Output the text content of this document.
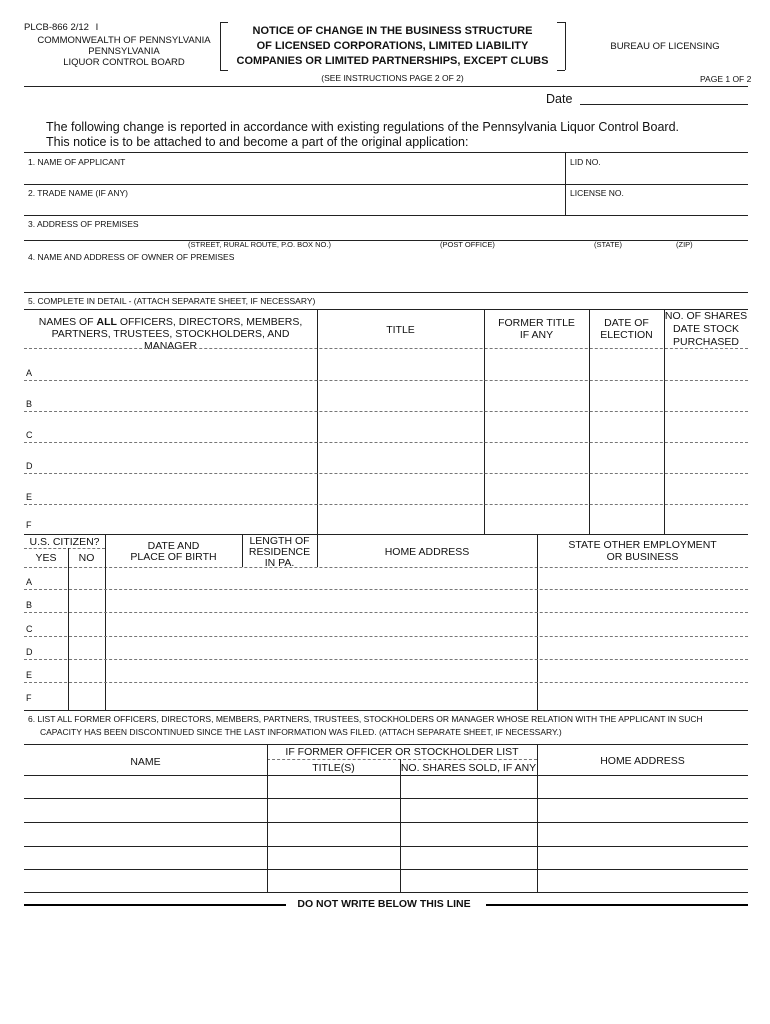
PLCB-866 2/12 I
COMMONWEALTH OF PENNSYLVANIA
PENNSYLVANIA
LIQUOR CONTROL BOARD
NOTICE OF CHANGE IN THE BUSINESS STRUCTURE
OF LICENSED CORPORATIONS, LIMITED LIABILITY
COMPANIES OR LIMITED PARTNERSHIPS, EXCEPT CLUBS
BUREAU OF LICENSING
(SEE INSTRUCTIONS PAGE 2 OF 2)	PAGE 1 OF 2
Date
The following change is reported in accordance with existing regulations of the Pennsylvania Liquor Control Board.
This notice is to be attached to and become a part of the original application:
1. NAME OF APPLICANT	LID NO.
2. TRADE NAME (IF ANY)	LICENSE NO.
3. ADDRESS OF PREMISES
(STREET, RURAL ROUTE, P.O. BOX NO.)	(POST OFFICE)	(STATE)	(ZIP)
4. NAME AND ADDRESS OF OWNER OF PREMISES
5. COMPLETE IN DETAIL - (ATTACH SEPARATE SHEET, IF NECESSARY)
NAMES OF ALL OFFICERS, DIRECTORS, MEMBERS,
PARTNERS, TRUSTEES, STOCKHOLDERS, AND MANAGER
TITLE
FORMER TITLE
IF ANY
DATE OF
ELECTION
NO. OF SHARES
DATE STOCK
PURCHASED
A
B
C
D
E
F
U.S. CITIZEN?
YES	NO
DATE AND
PLACE OF BIRTH
LENGTH OF
RESIDENCE
IN PA.
HOME ADDRESS
STATE OTHER EMPLOYMENT
OR BUSINESS
A
B
C
D
E
F
6. LIST ALL FORMER OFFICERS, DIRECTORS, MEMBERS, PARTNERS, TRUSTEES, STOCKHOLDERS OR MANAGER WHOSE RELATION WITH THE APPLICANT IN SUCH
CAPACITY HAS BEEN DISCONTINUED SINCE THE LAST INFORMATION WAS FILED. (ATTACH SEPARATE SHEET, IF NECESSARY.)
NAME
IF FORMER OFFICER OR STOCKHOLDER LIST
TITLE(S)	NO. SHARES SOLD, IF ANY
HOME ADDRESS
DO NOT WRITE BELOW THIS LINE
